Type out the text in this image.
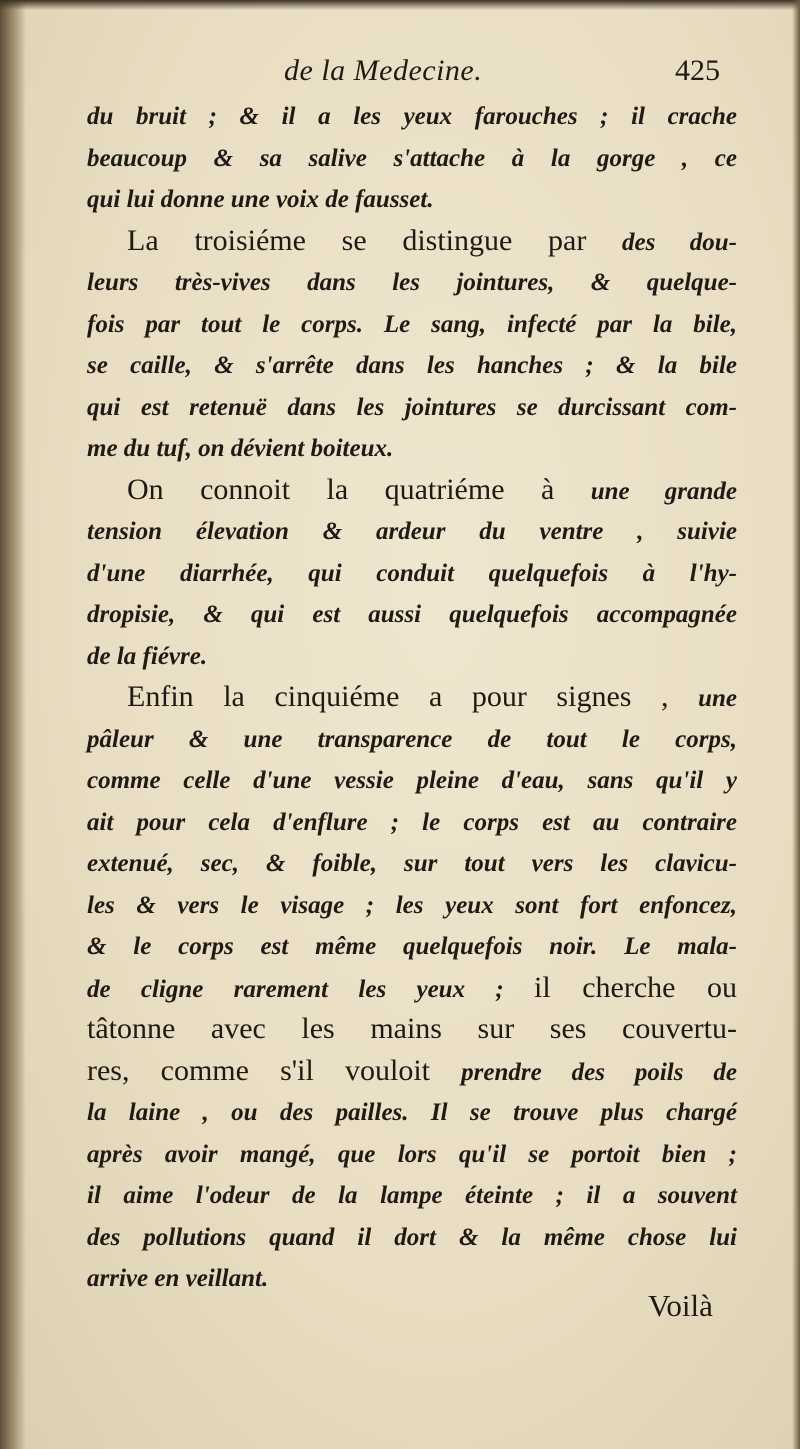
de la Medecine.	425
du bruit ; & il a les yeux farouches ; il crache
beaucoup & sa salive s'attache à la gorge , ce
qui lui donne une voix de fausset.
La troisiéme se distingue par des dou-
leurs très-vives dans les jointures, & quelque-
fois par tout le corps. Le sang, infecté par la bile,
se caille, & s'arrête dans les hanches ; & la bile
qui est retenuë dans les jointures se durcissant com-
me du tuf, on dévient boiteux.
On connoit la quatriéme à une grande
tension élevation & ardeur du ventre , suivie
d'une diarrhée, qui conduit quelquefois à l'hy-
dropisie, & qui est aussi quelquefois accompagnée
de la fiévre.
Enfin la cinquiéme a pour signes , une
pâleur & une transparence de tout le corps,
comme celle d'une vessie pleine d'eau, sans qu'il y
ait pour cela d'enflure ; le corps est au contraire
extenué, sec, & foible, sur tout vers les clavicu-
les & vers le visage ; les yeux sont fort enfoncez,
& le corps est même quelquefois noir. Le mala-
de cligne rarement les yeux ; il cherche ou
tâtonne avec les mains sur ses couvertu-
res, comme s'il vouloit prendre des poils de
la laine , ou des pailles. Il se trouve plus chargé
après avoir mangé, que lors qu'il se portoit bien ;
il aime l'odeur de la lampe éteinte ; il a souvent
des pollutions quand il dort & la même chose lui
arrive en veillant.
Voilà
